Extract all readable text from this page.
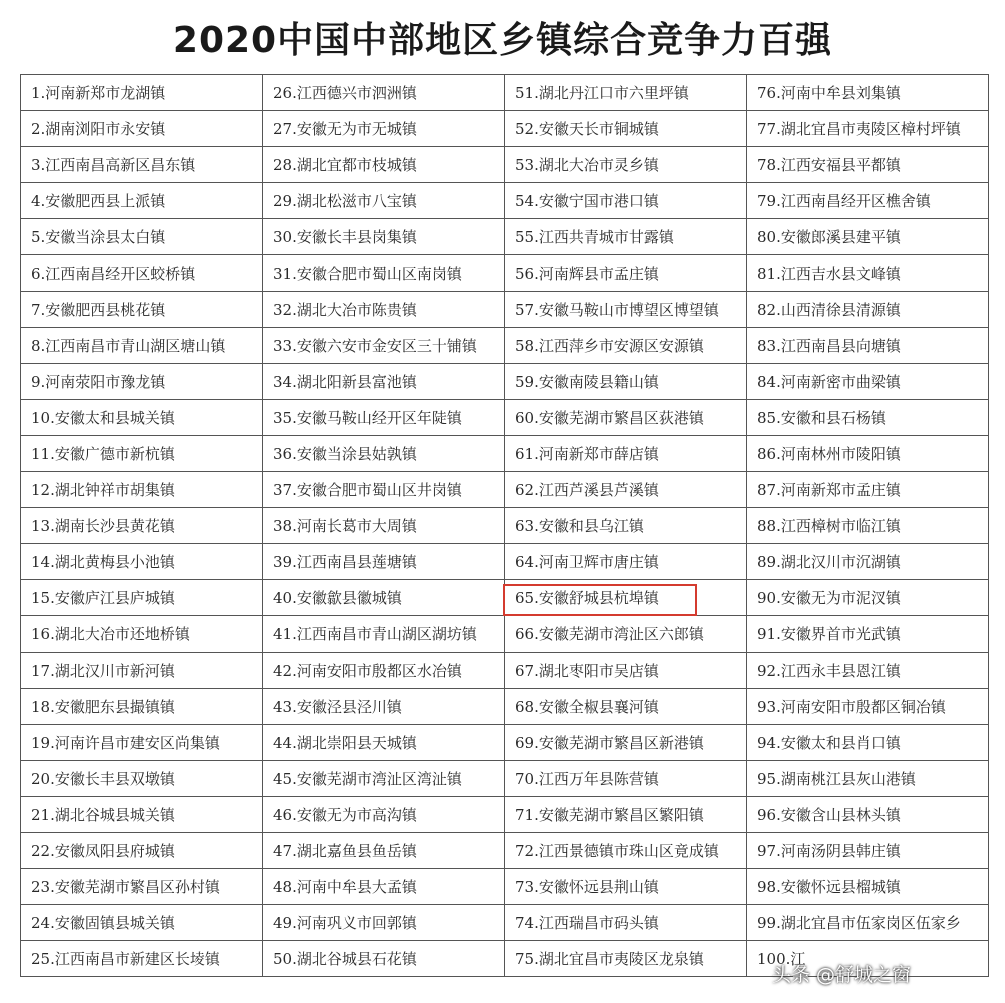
2020中国中部地区乡镇综合竞争力百强
1.河南新郑市龙湖镇	26.江西德兴市泗洲镇	51.湖北丹江口市六里坪镇	76.河南中牟县刘集镇
2.湖南浏阳市永安镇	27.安徽无为市无城镇	52.安徽天长市铜城镇	77.湖北宜昌市夷陵区樟村坪镇
3.江西南昌高新区昌东镇	28.湖北宜都市枝城镇	53.湖北大冶市灵乡镇	78.江西安福县平都镇
4.安徽肥西县上派镇	29.湖北松滋市八宝镇	54.安徽宁国市港口镇	79.江西南昌经开区樵舍镇
5.安徽当涂县太白镇	30.安徽长丰县岗集镇	55.江西共青城市甘露镇	80.安徽郎溪县建平镇
6.江西南昌经开区蛟桥镇	31.安徽合肥市蜀山区南岗镇	56.河南辉县市孟庄镇	81.江西吉水县文峰镇
7.安徽肥西县桃花镇	32.湖北大冶市陈贵镇	57.安徽马鞍山市博望区博望镇	82.山西清徐县清源镇
8.江西南昌市青山湖区塘山镇	33.安徽六安市金安区三十铺镇	58.江西萍乡市安源区安源镇	83.江西南昌县向塘镇
9.河南荥阳市豫龙镇	34.湖北阳新县富池镇	59.安徽南陵县籍山镇	84.河南新密市曲梁镇
10.安徽太和县城关镇	35.安徽马鞍山经开区年陡镇	60.安徽芜湖市繁昌区荻港镇	85.安徽和县石杨镇
11.安徽广德市新杭镇	36.安徽当涂县姑孰镇	61.河南新郑市薛店镇	86.河南林州市陵阳镇
12.湖北钟祥市胡集镇	37.安徽合肥市蜀山区井岗镇	62.江西芦溪县芦溪镇	87.河南新郑市孟庄镇
13.湖南长沙县黄花镇	38.河南长葛市大周镇	63.安徽和县乌江镇	88.江西樟树市临江镇
14.湖北黄梅县小池镇	39.江西南昌县莲塘镇	64.河南卫辉市唐庄镇	89.湖北汉川市沉湖镇
15.安徽庐江县庐城镇	40.安徽歙县徽城镇	65.安徽舒城县杭埠镇	90.安徽无为市泥汊镇
16.湖北大冶市还地桥镇	41.江西南昌市青山湖区湖坊镇	66.安徽芜湖市湾沚区六郎镇	91.安徽界首市光武镇
17.湖北汉川市新河镇	42.河南安阳市殷都区水冶镇	67.湖北枣阳市吴店镇	92.江西永丰县恩江镇
18.安徽肥东县撮镇镇	43.安徽泾县泾川镇	68.安徽全椒县襄河镇	93.河南安阳市殷都区铜冶镇
19.河南许昌市建安区尚集镇	44.湖北崇阳县天城镇	69.安徽芜湖市繁昌区新港镇	94.安徽太和县肖口镇
20.安徽长丰县双墩镇	45.安徽芜湖市湾沚区湾沚镇	70.江西万年县陈营镇	95.湖南桃江县灰山港镇
21.湖北谷城县城关镇	46.安徽无为市高沟镇	71.安徽芜湖市繁昌区繁阳镇	96.安徽含山县林头镇
22.安徽凤阳县府城镇	47.湖北嘉鱼县鱼岳镇	72.江西景德镇市珠山区竟成镇	97.河南汤阴县韩庄镇
23.安徽芜湖市繁昌区孙村镇	48.河南中牟县大孟镇	73.安徽怀远县荆山镇	98.安徽怀远县榴城镇
24.安徽固镇县城关镇	49.河南巩义市回郭镇	74.江西瑞昌市码头镇	99.湖北宜昌市伍家岗区伍家乡
25.江西南昌市新建区长堎镇	50.湖北谷城县石花镇	75.湖北宜昌市夷陵区龙泉镇	100.江
头条 @舒城之窗
